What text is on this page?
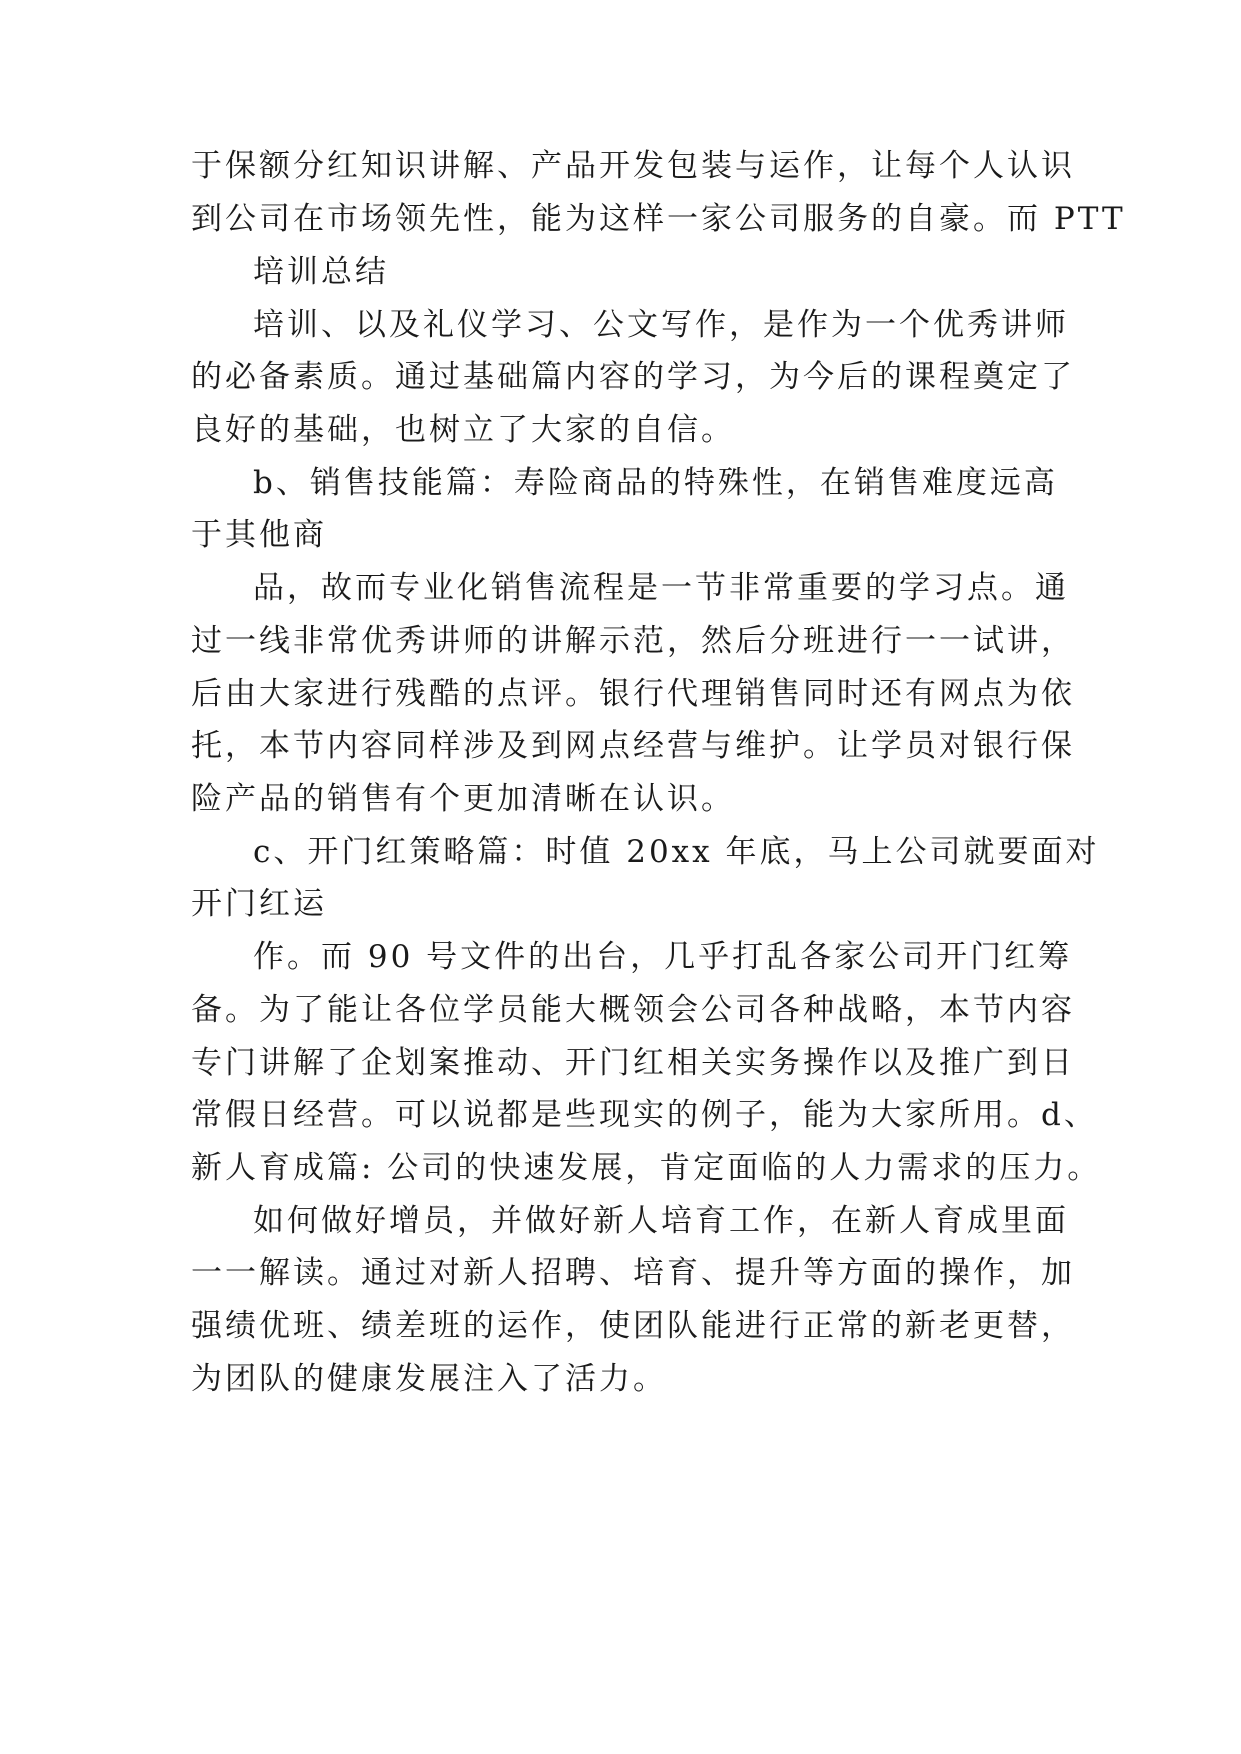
于保额分红知识讲解、产品开发包装与运作，让每个人认识
到公司在市场领先性，能为这样一家公司服务的自豪。而 PTT
培训总结
培训、以及礼仪学习、公文写作，是作为一个优秀讲师
的必备素质。通过基础篇内容的学习，为今后的课程奠定了
良好的基础，也树立了大家的自信。
b、销售技能篇：寿险商品的特殊性，在销售难度远高
于其他商
品，故而专业化销售流程是一节非常重要的学习点。通
过一线非常优秀讲师的讲解示范，然后分班进行一一试讲，
后由大家进行残酷的点评。银行代理销售同时还有网点为依
托，本节内容同样涉及到网点经营与维护。让学员对银行保
险产品的销售有个更加清晰在认识。
c、开门红策略篇：时值 20xx 年底，马上公司就要面对
开门红运
作。而 90 号文件的出台，几乎打乱各家公司开门红筹
备。为了能让各位学员能大概领会公司各种战略，本节内容
专门讲解了企划案推动、开门红相关实务操作以及推广到日
常假日经营。可以说都是些现实的例子，能为大家所用。d、
新人育成篇: 公司的快速发展，肯定面临的人力需求的压力。
如何做好增员，并做好新人培育工作，在新人育成里面
一一解读。通过对新人招聘、培育、提升等方面的操作，加
强绩优班、绩差班的运作，使团队能进行正常的新老更替，
为团队的健康发展注入了活力。
